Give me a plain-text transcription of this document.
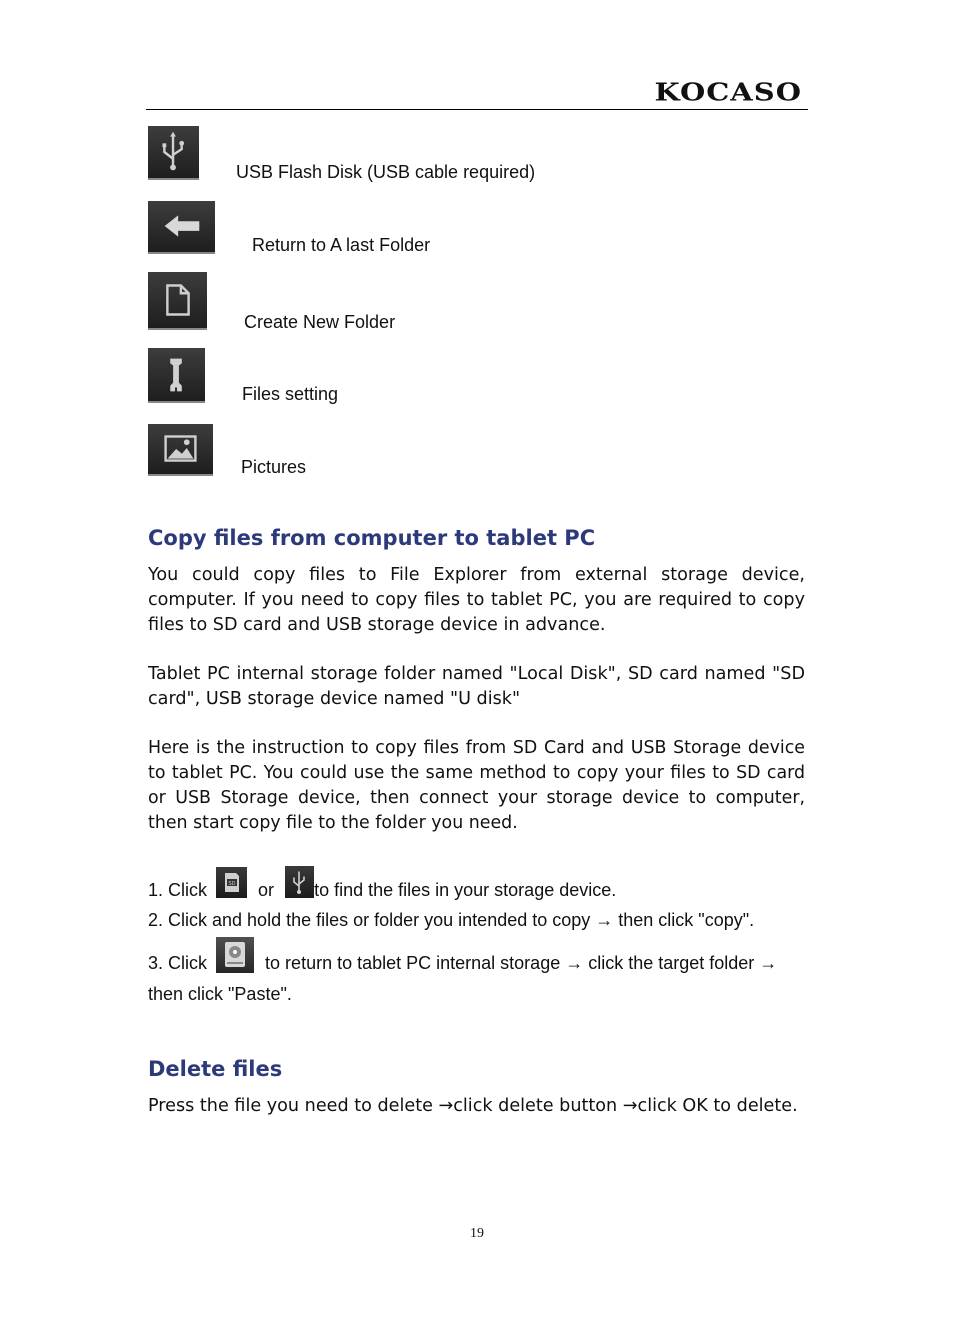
KOCASO
USB Flash Disk (USB cable required)
Return to A last Folder
Create New Folder
Files setting
Pictures
Copy files from computer to tablet PC
You could copy files to File Explorer from external storage device, computer. If you need to copy files to tablet PC, you are required to copy files to SD card and USB storage device in advance.
Tablet PC internal storage folder named "Local Disk", SD card named "SD card", USB storage device named "U disk"
Here is the instruction to copy files from SD Card and USB Storage device to tablet PC. You could use the same method to copy your files to SD card or USB Storage device, then connect your storage device to computer, then start copy file to the folder you need.
1. Click	SD or to find the files in your storage device.
2. Click and hold the files or folder you intended to copy → then click "copy".
3. Click	to return to tablet PC internal storage → click the target folder →
then click "Paste".
Delete files
Press the file you need to delete →click delete button →click OK to delete.
19
